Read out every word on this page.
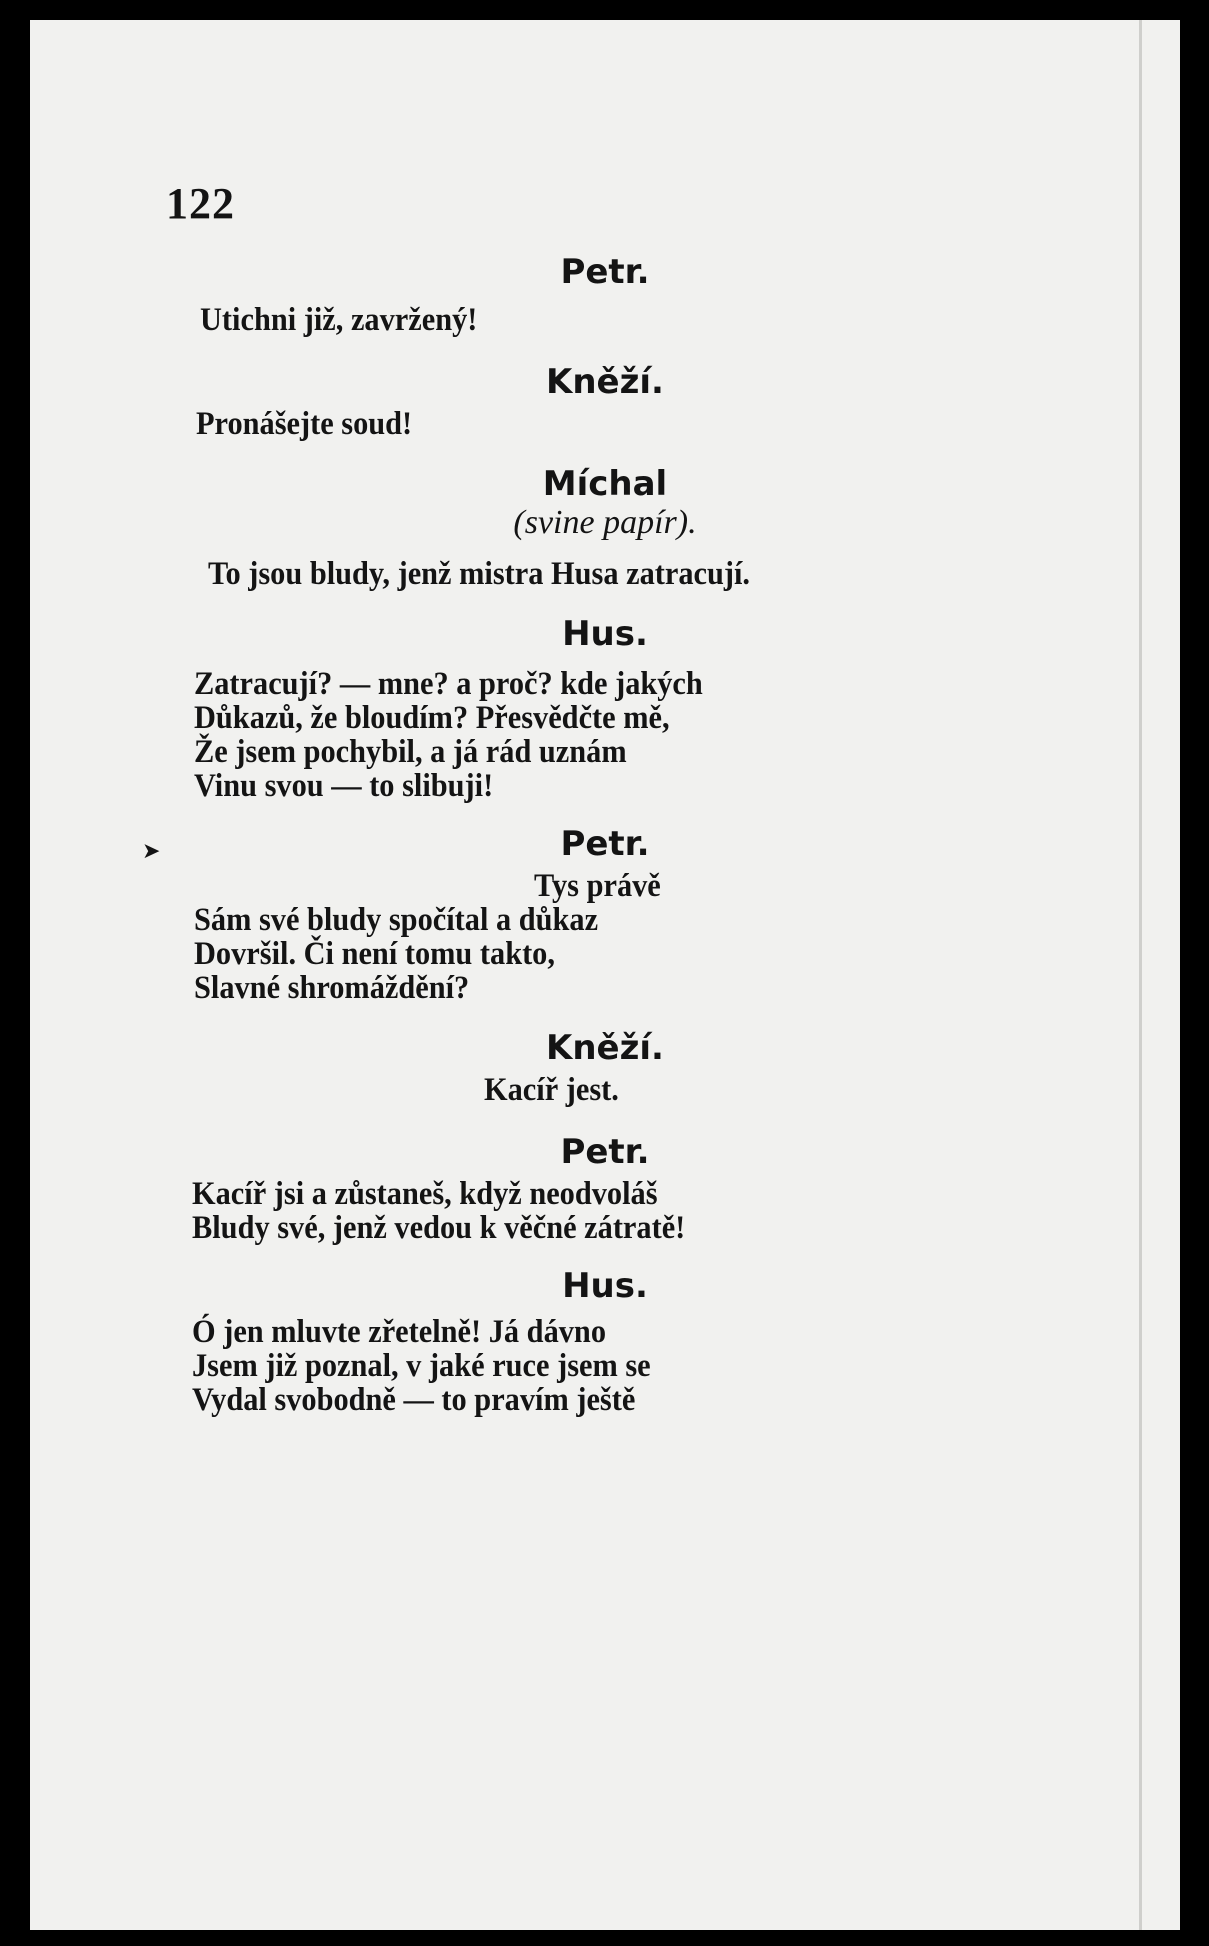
122
➤
Petr.
Utichni již, zavržený!
Kněží.
Pronášejte soud!
Míchal
(svine papír).
To jsou bludy, jenž mistra Husa zatracují.
Hus.
Zatracují? — mne? a proč? kde jakých
Důkazů, že bloudím? Přesvědčte mě,
Že jsem pochybil, a já rád uznám
Vinu svou — to slibuji!
Petr.
Tys právě
Sám své bludy spočítal a důkaz
Dovršil. Či není tomu takto,
Slavné shromáždění?
Kněží.
Kacíř jest.
Petr.
Kacíř jsi a zůstaneš, když neodvoláš
Bludy své, jenž vedou k věčné zátratě!
Hus.
Ó jen mluvte zřetelně! Já dávno
Jsem již poznal, v jaké ruce jsem se
Vydal svobodně — to pravím ještě
